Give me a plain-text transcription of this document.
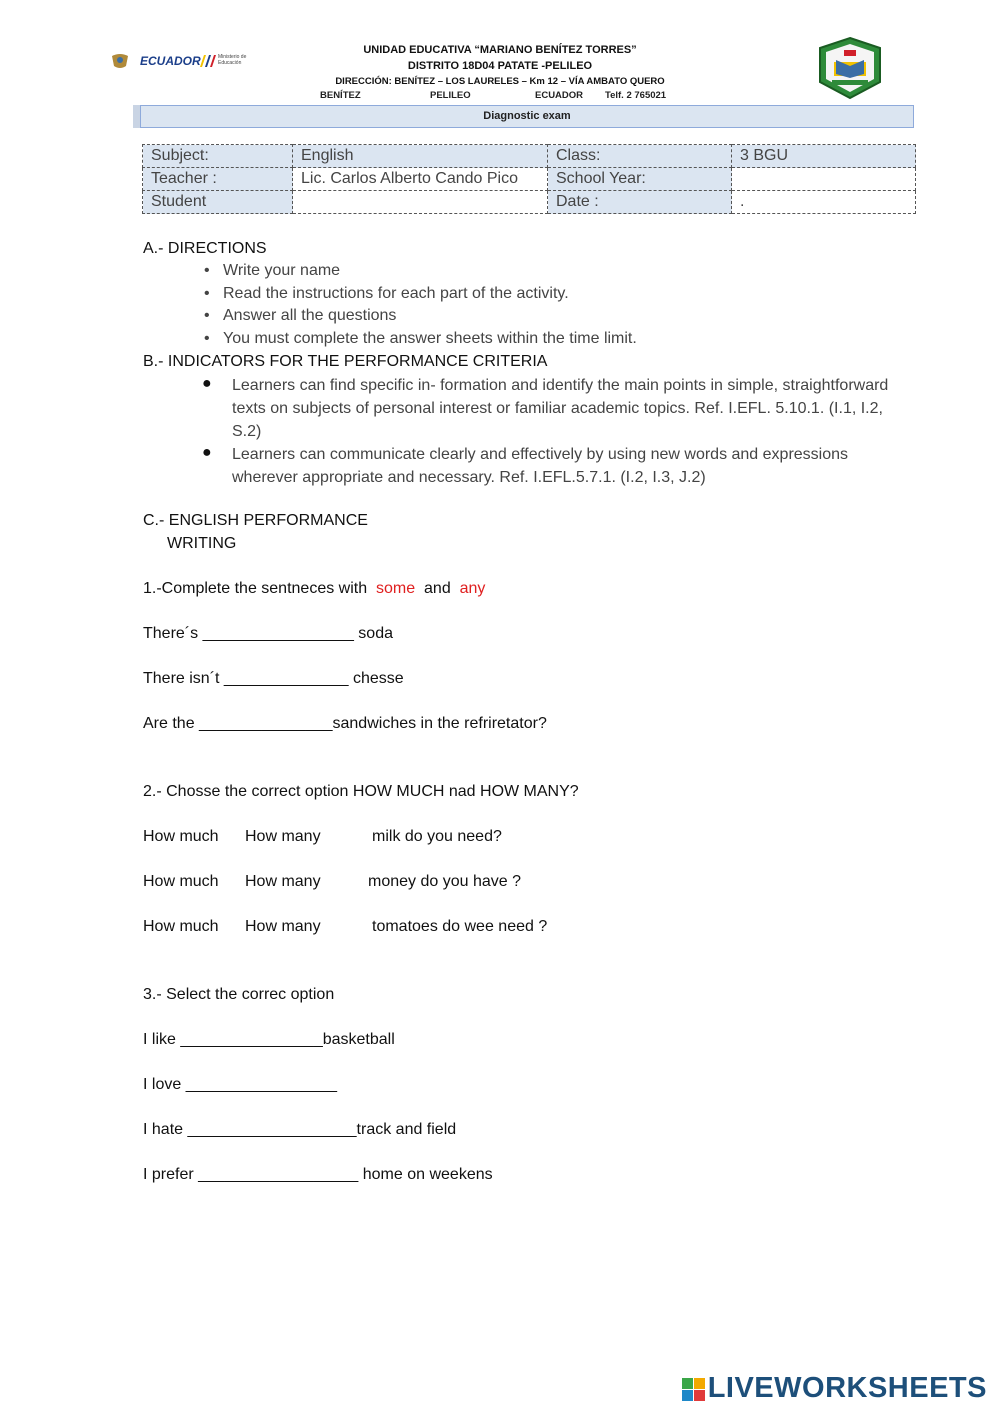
ECUADOR	Ministerio de Educación
UNIDAD EDUCATIVA “MARIANO BENÍTEZ TORRES”
DISTRITO 18D04 PATATE -PELILEO
DIRECCIÓN: BENÍTEZ – LOS LAURELES – Km 12 – VÍA AMBATO QUERO
BENÍTEZ	PELILEO	ECUADOR Telf. 2 765021
Diagnostic exam
Subject:	English	Class:	3 BGU
Teacher :	Lic. Carlos Alberto Cando Pico	School Year:	
Student		Date :	.
A.- DIRECTIONS
• Write your name
• Read the instructions for each part of the activity.
• Answer all the questions
• You must complete the answer sheets within the time limit.
B.- INDICATORS FOR THE PERFORMANCE CRITERIA
● Learners can find specific in- formation and identify the main points in simple, straightforward texts on subjects of personal interest or familiar academic topics. Ref. I.EFL. 5.10.1. (I.1, I.2, S.2)
● Learners can communicate clearly and effectively by using new words and expressions wherever appropriate and necessary. Ref. I.EFL.5.7.1. (I.2, I.3, J.2)
C.- ENGLISH PERFORMANCE
WRITING
1.-Complete the sentneces with some and any
There´s _________________ soda
There isn´t ______________ chesse
Are the _______________sandwiches in the refriretator?
2.- Chosse the correct option HOW MUCH nad HOW MANY?
How much How many	milk do you need?
How much How many	money do you have ?
How much How many	tomatoes do wee need ?
3.- Select the correc option
I like ________________basketball
I love _________________
I hate ___________________track and field
I prefer __________________ home on weekens
LIVEWORKSHEETS
